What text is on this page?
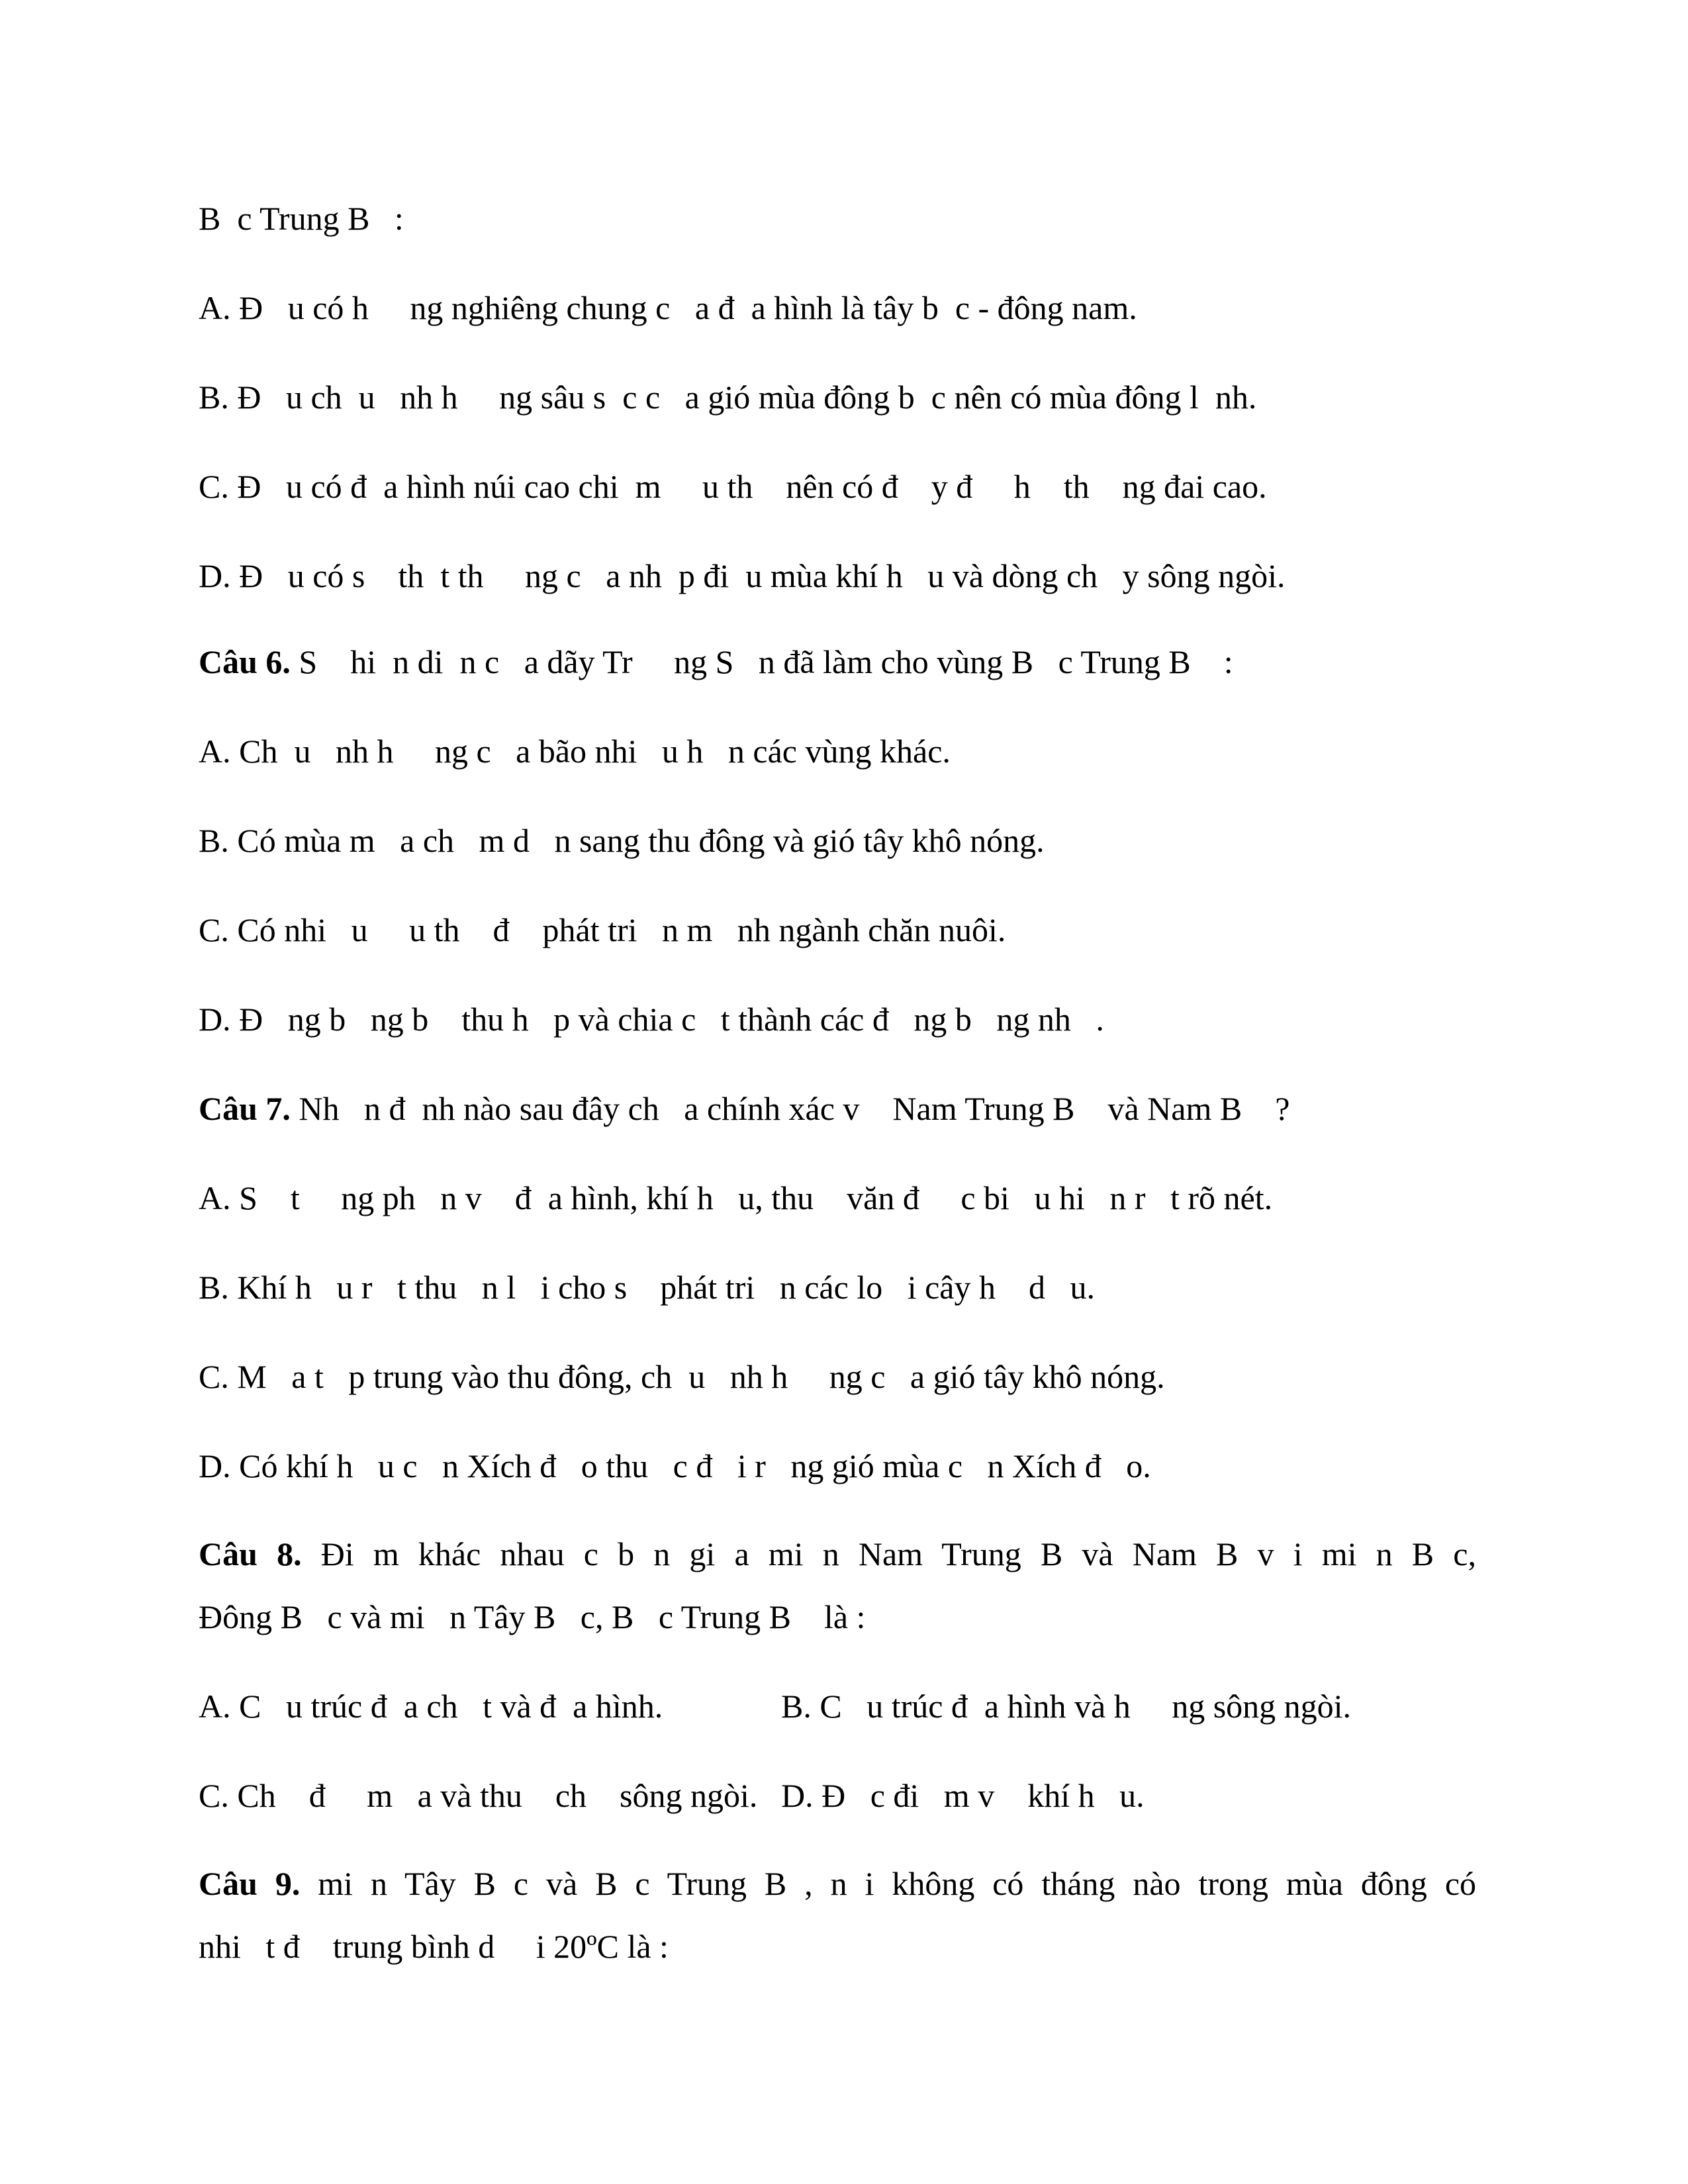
B  c Trung B   :
A. Đ   u có h     ng nghiêng chung c   a đ  a hình là tây b  c - đông nam.
B. Đ   u ch  u   nh h     ng sâu s  c c   a gió mùa đông b  c nên có mùa đông l  nh.
C. Đ   u có đ  a hình núi cao chi  m     u th    nên có đ    y đ     h    th    ng đai cao.
D. Đ   u có s    th  t th     ng c   a nh  p đi  u mùa khí h   u và dòng ch   y sông ngòi.
Câu 6. S    hi  n di  n c   a dãy Tr     ng S   n đã làm cho vùng B   c Trung B    :
A. Ch  u   nh h     ng c   a bão nhi   u h   n các vùng khác.
B. Có mùa m   a ch   m d   n sang thu đông và gió tây khô nóng.
C. Có nhi   u     u th    đ    phát tri   n m   nh ngành chăn nuôi.
D. Đ   ng b   ng b    thu h   p và chia c   t thành các đ   ng b   ng nh   .
Câu 7. Nh   n đ  nh nào sau đây ch   a chính xác v    Nam Trung B    và Nam B    ?
A. S    t     ng ph   n v    đ  a hình, khí h   u, thu    văn đ     c bi   u hi   n r   t rõ nét.
B. Khí h   u r   t thu   n l   i cho s    phát tri   n các lo   i cây h    d   u.
C. M   a t   p trung vào thu đông, ch  u   nh h     ng c   a gió tây khô nóng.
D. Có khí h   u c   n Xích đ   o thu   c đ   i r   ng gió mùa c   n Xích đ   o.
Câu 8. Đi m khác nhau c b n gi a mi n Nam Trung B và Nam B v i mi n B c,
Đông B   c và mi   n Tây B   c, B   c Trung B    là :
A. C   u trúc đ  a ch   t và đ  a hình.	B. C   u trúc đ  a hình và h     ng sông ngòi.
C. Ch    đ     m   a và thu    ch    sông ngòi. D. Đ   c đi   m v    khí h   u.
Câu 9. mi n Tây B c và B c Trung B , n i không có tháng nào trong mùa đông có
nhi   t đ    trung bình d     i 20ºC là :
